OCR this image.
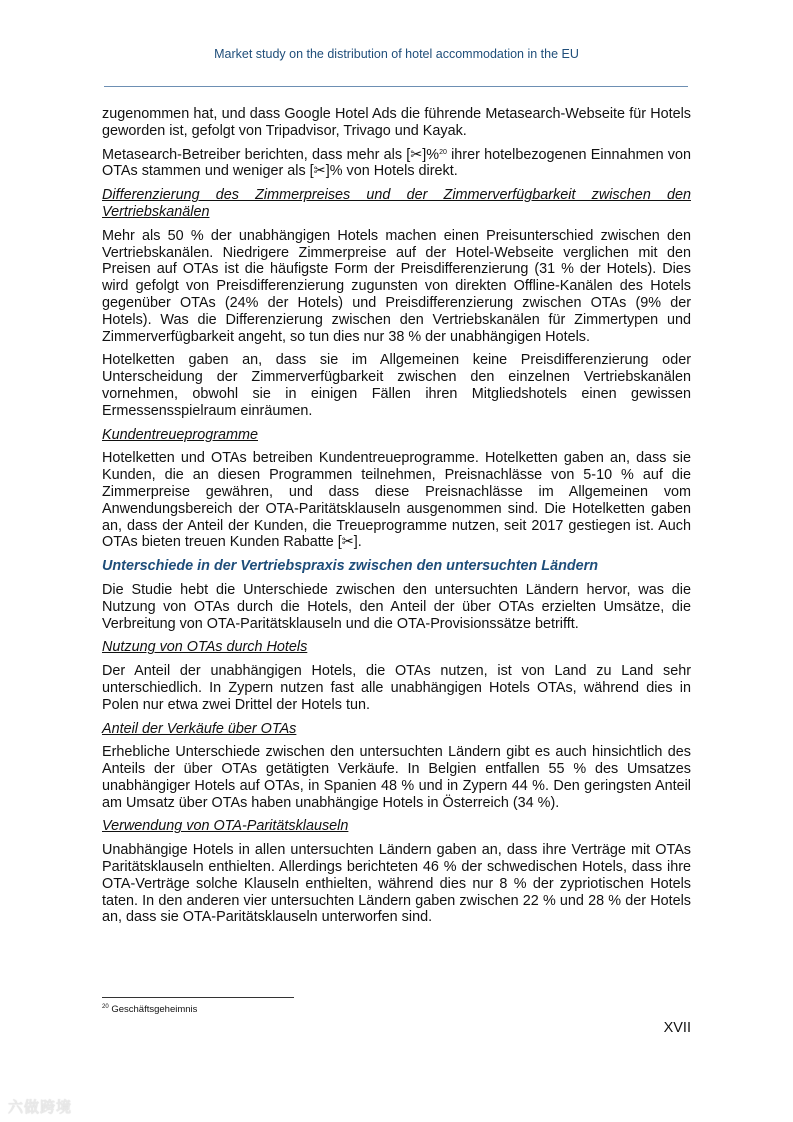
Market study on the distribution of hotel accommodation in the EU

zugenommen hat, und dass Google Hotel Ads die führende Metasearch-Webseite für Hotels geworden ist, gefolgt von Tripadvisor, Trivago und Kayak.

Metasearch-Betreiber berichten, dass mehr als [✂]%$^{20}$ ihrer hotelbezogenen Einnahmen von OTAs stammen und weniger als [✂]% von Hotels direkt.

Differenzierung des Zimmerpreises und der Zimmerverfügbarkeit zwischen den Vertriebskanälen

Mehr als 50 % der unabhängigen Hotels machen einen Preisunterschied zwischen den Vertriebskanälen. Niedrigere Zimmerpreise auf der Hotel-Webseite verglichen mit den Preisen auf OTAs ist die häufigste Form der Preisdifferenzierung (31 % der Hotels). Dies wird gefolgt von Preisdifferenzierung zugunsten von direkten Offline-Kanälen des Hotels gegenüber OTAs (24% der Hotels) und Preisdifferenzierung zwischen OTAs (9% der Hotels). Was die Differenzierung zwischen den Vertriebskanälen für Zimmertypen und Zimmerverfügbarkeit angeht, so tun dies nur 38 % der unabhängigen Hotels.

Hotelketten gaben an, dass sie im Allgemeinen keine Preisdifferenzierung oder Unterscheidung der Zimmerverfügbarkeit zwischen den einzelnen Vertriebskanälen vornehmen, obwohl sie in einigen Fällen ihren Mitgliedshotels einen gewissen Ermessensspielraum einräumen.

Kundentreueprogramme

Hotelketten und OTAs betreiben Kundentreueprogramme. Hotelketten gaben an, dass sie Kunden, die an diesen Programmen teilnehmen, Preisnachlässe von 5-10 % auf die Zimmerpreise gewähren, und dass diese Preisnachlässe im Allgemeinen vom Anwendungsbereich der OTA-Paritätsklauseln ausgenommen sind. Die Hotelketten gaben an, dass der Anteil der Kunden, die Treueprogramme nutzen, seit 2017 gestiegen ist. Auch OTAs bieten treuen Kunden Rabatte [✂].

Unterschiede in der Vertriebspraxis zwischen den untersuchten Ländern

Die Studie hebt die Unterschiede zwischen den untersuchten Ländern hervor, was die Nutzung von OTAs durch die Hotels, den Anteil der über OTAs erzielten Umsätze, die Verbreitung von OTA-Paritätsklauseln und die OTA-Provisionssätze betrifft.

Nutzung von OTAs durch Hotels

Der Anteil der unabhängigen Hotels, die OTAs nutzen, ist von Land zu Land sehr unterschiedlich. In Zypern nutzen fast alle unabhängigen Hotels OTAs, während dies in Polen nur etwa zwei Drittel der Hotels tun.

Anteil der Verkäufe über OTAs

Erhebliche Unterschiede zwischen den untersuchten Ländern gibt es auch hinsichtlich des Anteils der über OTAs getätigten Verkäufe. In Belgien entfallen 55 % des Umsatzes unabhängiger Hotels auf OTAs, in Spanien 48 % und in Zypern 44 %. Den geringsten Anteil am Umsatz über OTAs haben unabhängige Hotels in Österreich (34 %).

Verwendung von OTA-Paritätsklauseln

Unabhängige Hotels in allen untersuchten Ländern gaben an, dass ihre Verträge mit OTAs Paritätsklauseln enthielten. Allerdings berichteten 46 % der schwedischen Hotels, dass ihre OTA-Verträge solche Klauseln enthielten, während dies nur 8 % der zypriotischen Hotels taten. In den anderen vier untersuchten Ländern gaben zwischen 22 % und 28 % der Hotels an, dass sie OTA-Paritätsklauseln unterworfen sind.

$^{20}$ Geschäftsgeheimnis
XVII
六做跨境
